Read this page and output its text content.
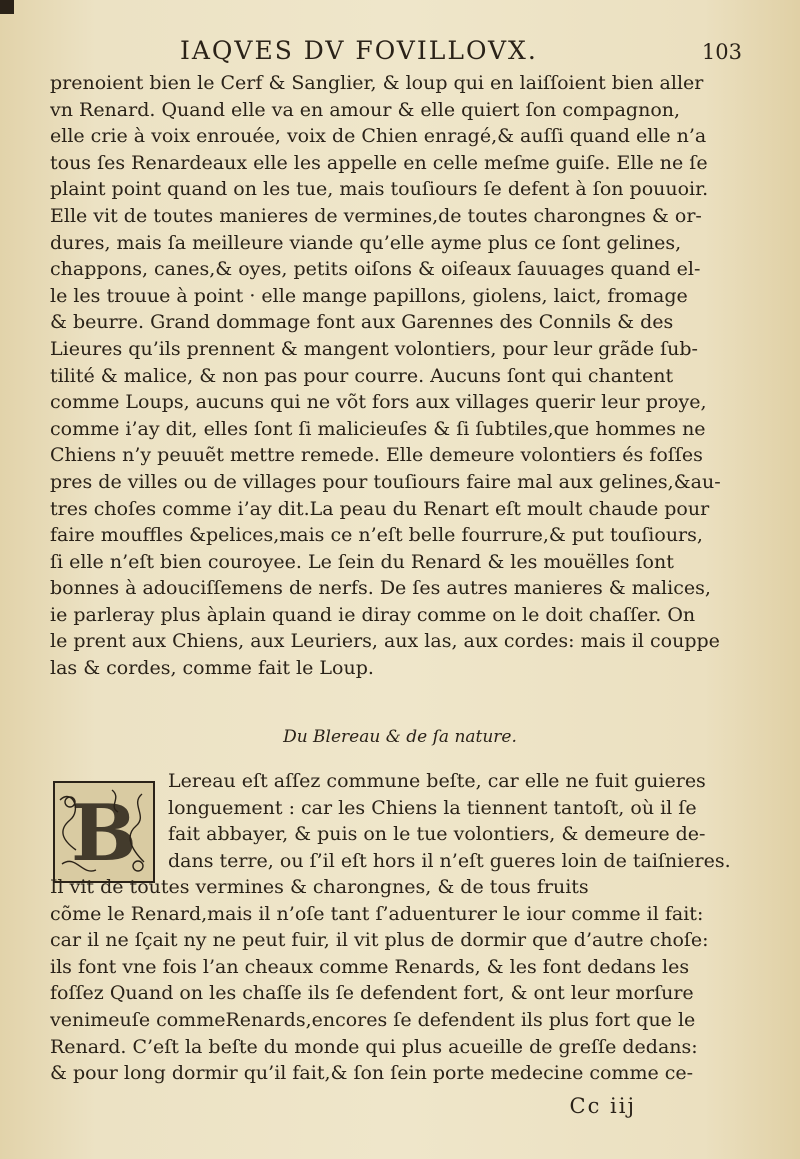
IAQVES DV FOVILLOVX.	103
prenoient bien le Cerf & Sanglier, & loup qui en laiſſoient bien aller
vn Renard. Quand elle va en amour & elle quiert ſon compagnon,
elle crie à voix enrouée, voix de Chien enragé,& auſſi quand elle n’a
tous ſes Renardeaux elle les appelle en celle meſme guiſe. Elle ne ſe
plaint point quand on les tue, mais touſiours ſe defent à ſon pouuoir.
Elle vit de toutes manieres de vermines,de toutes charongnes & or-
dures, mais ſa meilleure viande qu’elle ayme plus ce ſont gelines,
chappons, canes,& oyes, petits oiſons & oiſeaux ſauuages quand el-
le les trouue à point · elle mange papillons, giolens, laict, fromage
& beurre. Grand dommage font aux Garennes des Connils & des
Lieures qu’ils prennent & mangent volontiers, pour leur grãde ſub-
tilité & malice, & non pas pour courre. Aucuns ſont qui chantent
comme Loups, aucuns qui ne võt fors aux villages querir leur proye,
comme i’ay dit, elles ſont ſi malicieuſes & ſi ſubtiles,que hommes ne
Chiens n’y peuuẽt mettre remede. Elle demeure volontiers és foſſes
pres de villes ou de villages pour touſiours faire mal aux gelines,&au-
tres choſes comme i’ay dit.La peau du Renart eſt moult chaude pour
faire mouffles &pelices,mais ce n’eſt belle fourrure,& put touſiours,
ſi elle n’eſt bien couroyee. Le ſein du Renard & les mouëlles ſont
bonnes à adouciſſemens de nerfs. De ſes autres manieres & malices,
ie parleray plus àplain quand ie diray comme on le doit chaſſer. On
le prent aux Chiens, aux Leuriers, aux las, aux cordes: mais il couppe
las & cordes, comme fait le Loup.
Du Blereau & de ſa nature.
B
Lereau eſt aſſez commune beſte, car elle ne fuit guieres
longuement : car les Chiens la tiennent tantoſt, où il ſe
fait abbayer, & puis on le tue volontiers, & demeure de-
dans terre, ou ſ’il eſt hors il n’eſt gueres loin de taiſnieres.
Il vit de toutes vermines & charongnes, & de tous fruits
cõme le Renard,mais il n’oſe tant ſ’aduenturer le iour comme il fait:
car il ne ſçait ny ne peut fuir, il vit plus de dormir que d’autre choſe:
ils font vne fois l’an cheaux comme Renards, & les font dedans les
foſſez Quand on les chaſſe ils ſe defendent fort, & ont leur morſure
venimeuſe commeRenards,encores ſe defendent ils plus fort que le
Renard. C’eſt la beſte du monde qui plus acueille de greſſe dedans:
& pour long dormir qu’il fait,& ſon ſein porte medecine comme ce-
Cc iij
